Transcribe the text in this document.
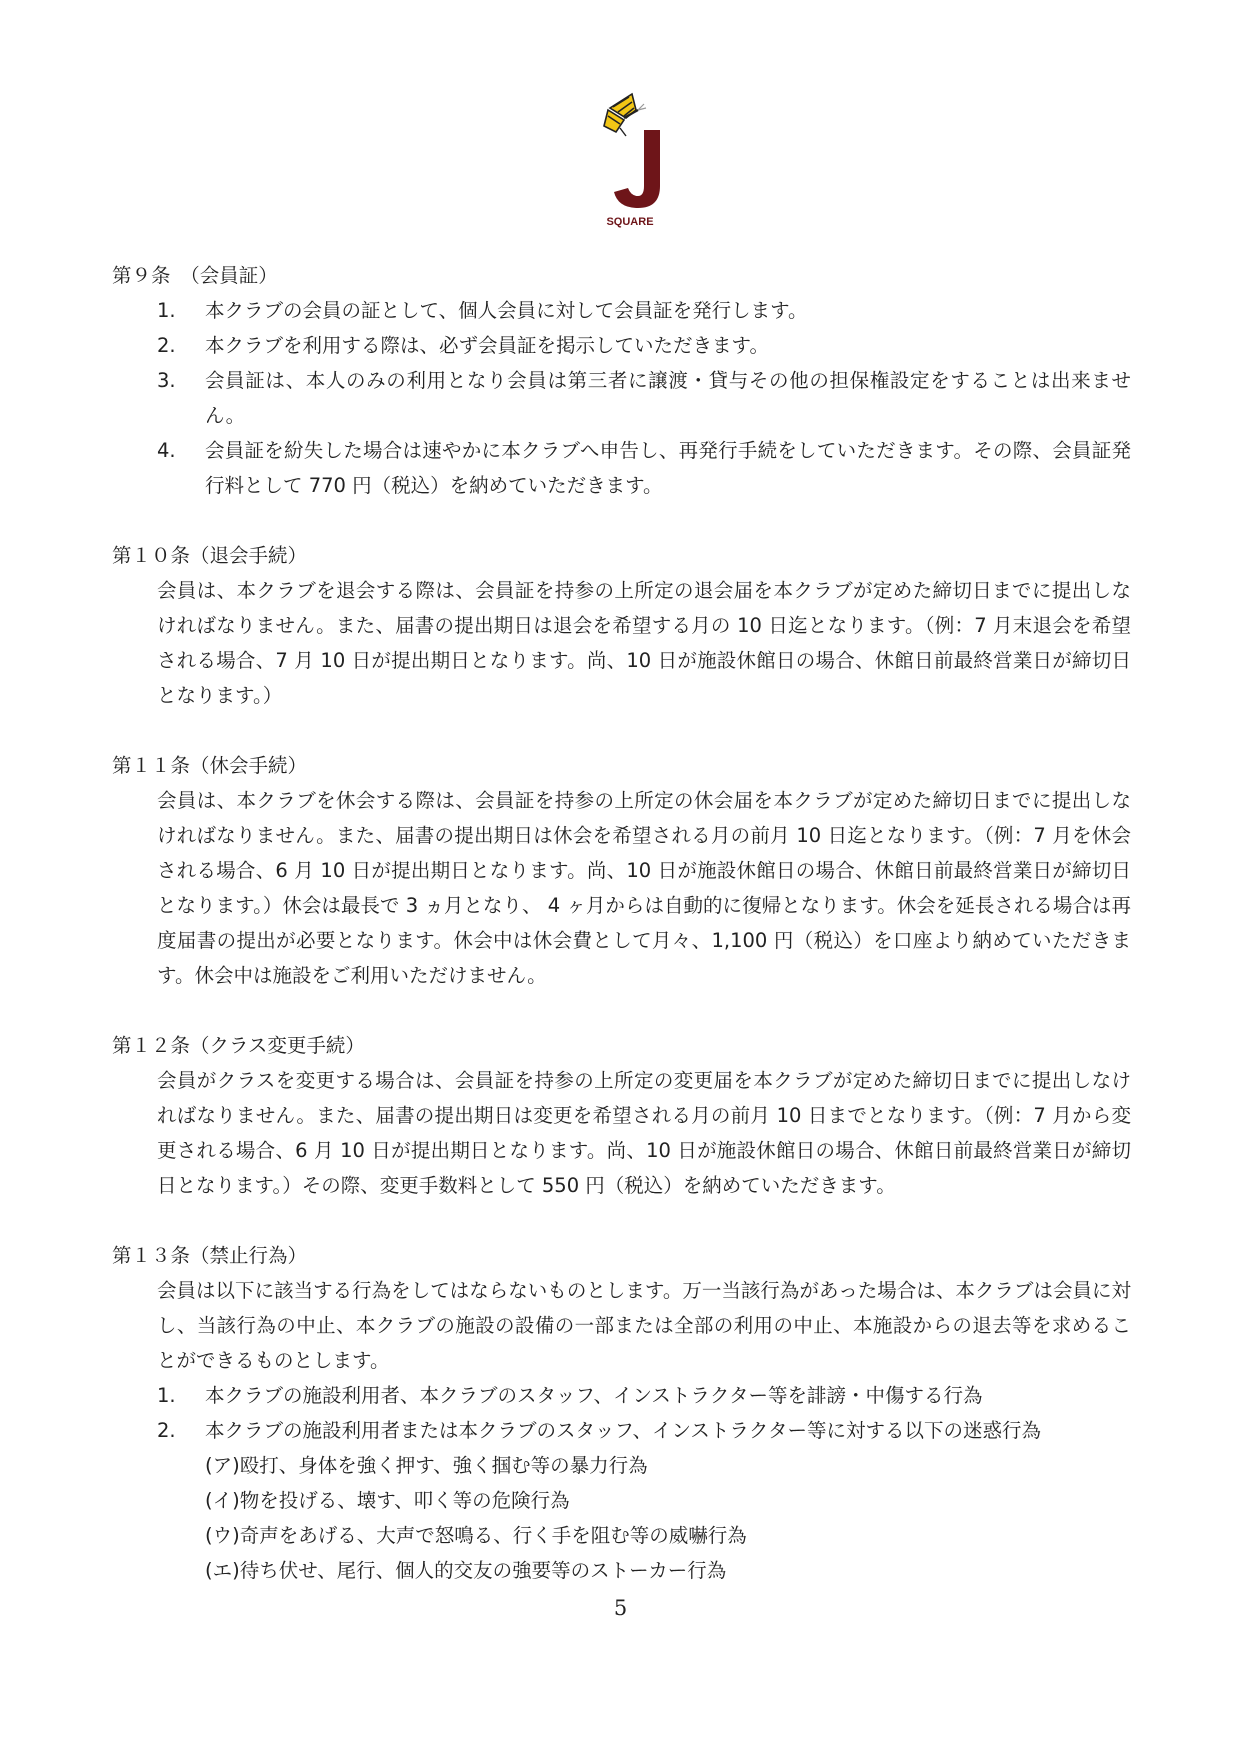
SQUARE
第９条　（会員証）
1. 本クラブの会員の証として、個人会員に対して会員証を発行します。
2. 本クラブを利用する際は、必ず会員証を掲示していただきます。
3. 会員証は、本人のみの利用となり会員は第三者に譲渡・貸与その他の担保権設定をすることは出来ません。
4. 会員証を紛失した場合は速やかに本クラブへ申告し、再発行手続をしていただきます。その際、会員証発行料として 770 円（税込）を納めていただきます。
第１０条（退会手続）
会員は、本クラブを退会する際は、会員証を持参の上所定の退会届を本クラブが定めた締切日までに提出しなければなりません。また、届書の提出期日は退会を希望する月の 10 日迄となります。（例：7 月末退会を希望される場合、7 月 10 日が提出期日となります。尚、10 日が施設休館日の場合、休館日前最終営業日が締切日となります。）
第１１条（休会手続）
会員は、本クラブを休会する際は、会員証を持参の上所定の休会届を本クラブが定めた締切日までに提出しなければなりません。また、届書の提出期日は休会を希望される月の前月 10 日迄となります。（例：7 月を休会される場合、6 月 10 日が提出期日となります。尚、10 日が施設休館日の場合、休館日前最終営業日が締切日となります。）休会は最長で 3 ヵ月となり、 4 ヶ月からは自動的に復帰となります。休会を延長される場合は再度届書の提出が必要となります。休会中は休会費として月々、1,100 円（税込）を口座より納めていただきます。休会中は施設をご利用いただけません。
第１２条（クラス変更手続）
会員がクラスを変更する場合は、会員証を持参の上所定の変更届を本クラブが定めた締切日までに提出しなければなりません。また、届書の提出期日は変更を希望される月の前月 10 日までとなります。（例：7 月から変更される場合、6 月 10 日が提出期日となります。尚、10 日が施設休館日の場合、休館日前最終営業日が締切日となります。）その際、変更手数料として 550 円（税込）を納めていただきます。
第１３条（禁止行為）
会員は以下に該当する行為をしてはならないものとします。万一当該行為があった場合は、本クラブは会員に対し、当該行為の中止、本クラブの施設の設備の一部または全部の利用の中止、本施設からの退去等を求めることができるものとします。
1. 本クラブの施設利用者、本クラブのスタッフ、インストラクター等を誹謗・中傷する行為
2. 本クラブの施設利用者または本クラブのスタッフ、インストラクター等に対する以下の迷惑行為
(ア)殴打、身体を強く押す、強く掴む等の暴力行為
(イ)物を投げる、壊す、叩く等の危険行為
(ウ)奇声をあげる、大声で怒鳴る、行く手を阻む等の威嚇行為
(エ)待ち伏せ、尾行、個人的交友の強要等のストーカー行為
5
